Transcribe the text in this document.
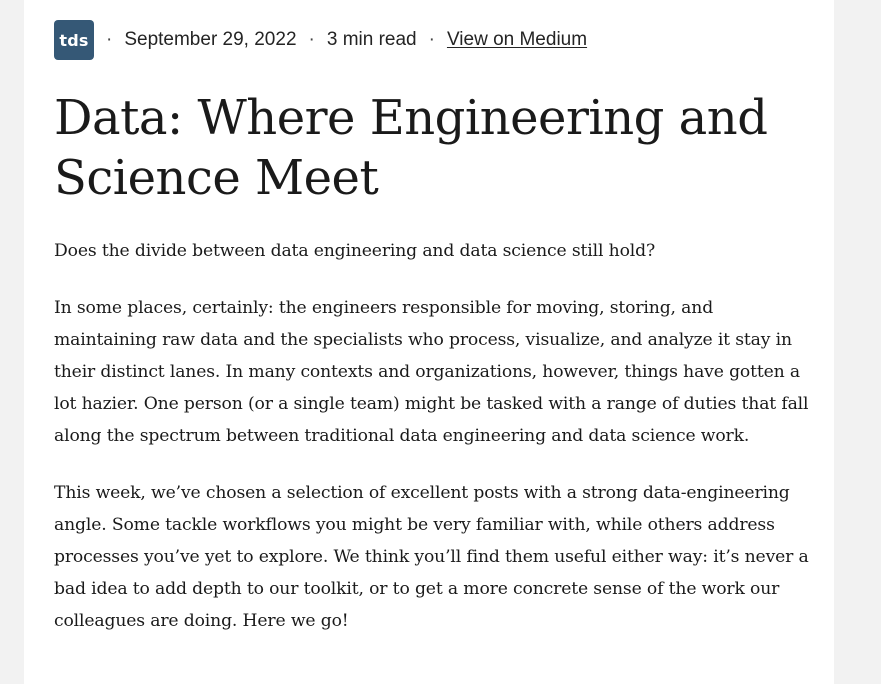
tds · September 29, 2022 · 3 min read · View on Medium
Data: Where Engineering and Science Meet

Does the divide between data engineering and data science still hold?

In some places, certainly: the engineers responsible for moving, storing, and maintaining raw data and the specialists who process, visualize, and analyze it stay in their distinct lanes. In many contexts and organizations, however, things have gotten a lot hazier. One person (or a single team) might be tasked with a range of duties that fall along the spectrum between traditional data engineering and data science work.

This week, we’ve chosen a selection of excellent posts with a strong data-engineering angle. Some tackle workflows you might be very familiar with, while others address processes you’ve yet to explore. We think you’ll find them useful either way: it’s never a bad idea to add depth to our toolkit, or to get a more concrete sense of the work our colleagues are doing. Here we go!
